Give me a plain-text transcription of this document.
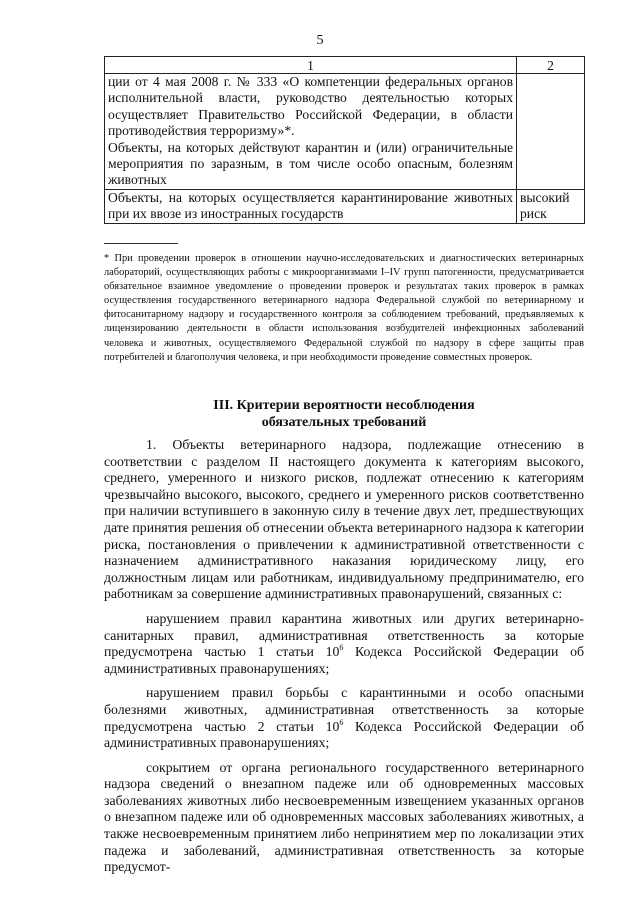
5
1	2

ции от 4 мая 2008 г. № 333 «О компетенции федеральных органов исполнительной власти, руководство деятельностью которых осуществляет Правительство Российской Федерации, в области противодействия терроризму»*.
Объекты, на которых действуют карантин и (или) ограничительные мероприятия по заразным, в том числе особо опасным, болезням животных	

Объекты, на которых осуществляется карантинирование животных при их ввозе из иностранных государств	высокий риск
* При проведении проверок в отношении научно-исследовательских и диагностических ветеринарных лабораторий, осуществляющих работы с микроорганизмами I–IV групп патогенности, предусматривается обязательное взаимное уведомление о проведении проверок и результатах таких проверок в рамках осуществления государственного ветеринарного надзора Федеральной службой по ветеринарному и фитосанитарному надзору и государственного контроля за соблюдением требований, предъявляемых к лицензированию деятельности в области использования возбудителей инфекционных заболеваний человека и животных, осуществляемого Федеральной службой по надзору в сфере защиты прав потребителей и благополучия человека, и при необходимости проведение совместных проверок.
III. Критерии вероятности несоблюдения
обязательных требований

1. Объекты ветеринарного надзора, подлежащие отнесению в соответствии с разделом II настоящего документа к категориям высокого, среднего, умеренного и низкого рисков, подлежат отнесению к категориям чрезвычайно высокого, высокого, среднего и умеренного рисков соответственно при наличии вступившего в законную силу в течение двух лет, предшествующих дате принятия решения об отнесении объекта ветеринарного надзора к категории риска, постановления о привлечении к административной ответственности с назначением административного наказания юридическому лицу, его должностным лицам или работникам, индивидуальному предпринимателю, его работникам за совершение административных правонарушений, связанных с:

нарушением правил карантина животных или других ветеринарно-санитарных правил, административная ответственность за которые предусмотрена частью 1 статьи $10^6$ Кодекса Российской Федерации об административных правонарушениях;

нарушением правил борьбы с карантинными и особо опасными болезнями животных, административная ответственность за которые предусмотрена частью 2 статьи $10^6$ Кодекса Российской Федерации об административных правонарушениях;

сокрытием от органа регионального государственного ветеринарного надзора сведений о внезапном падеже или об одновременных массовых заболеваниях животных либо несвоевременным извещением указанных органов о внезапном падеже или об одновременных массовых заболеваниях животных, а также несвоевременным принятием либо непринятием мер по локализации этих падежа и заболеваний, административная ответственность за которые предусмот-
